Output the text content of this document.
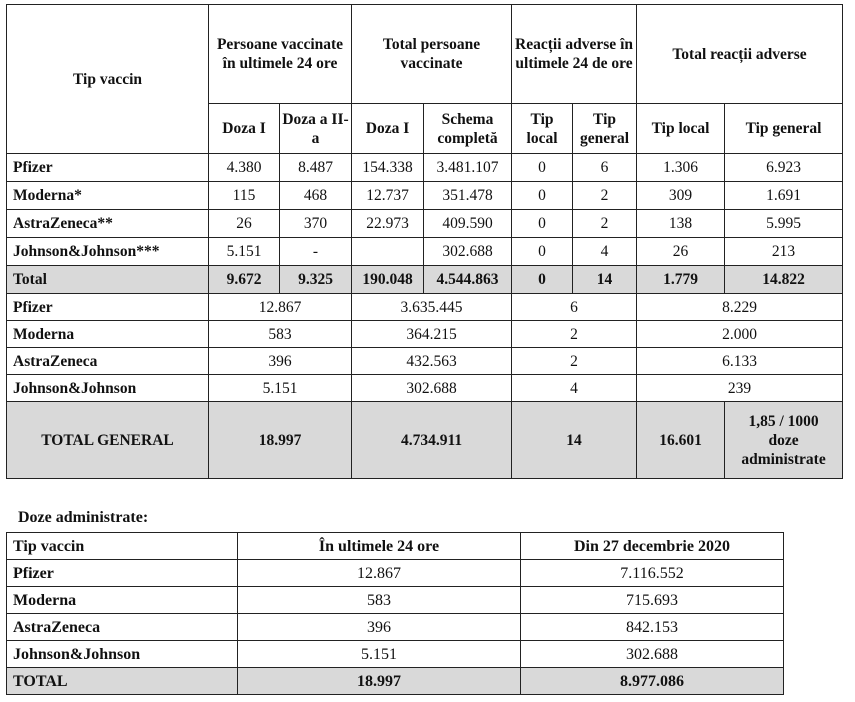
Tip vaccin	Persoane vaccinate în ultimele 24 ore		Total persoane vaccinate		Reacții adverse în ultimele 24 de ore		Total reacții adverse	
	Doza I	Doza a II-a	Doza I	Schema completă	Tip local	Tip general	Tip local	Tip general
Pfizer	4.380	8.487	154.338	3.481.107	0	6	1.306	6.923
Moderna*	115	468	12.737	351.478	0	2	309	1.691
AstraZeneca**	26	370	22.973	409.590	0	2	138	5.995
Johnson&Johnson***	5.151	-		302.688	0	4	26	213
Total	9.672	9.325	190.048	4.544.863	0	14	1.779	14.822
Pfizer	12.867		3.635.445		6		8.229	
Moderna	583		364.215		2		2.000	
AstraZeneca	396		432.563		2		6.133	
Johnson&Johnson	5.151		302.688		4		239	
TOTAL GENERAL	18.997		4.734.911		14		16.601	1,85 / 1000
doze
administrate
Doze administrate:
Tip vaccin	În ultimele 24 ore	Din 27 decembrie 2020
Pfizer	12.867	7.116.552
Moderna	583	715.693
AstraZeneca	396	842.153
Johnson&Johnson	5.151	302.688
TOTAL	18.997	8.977.086
